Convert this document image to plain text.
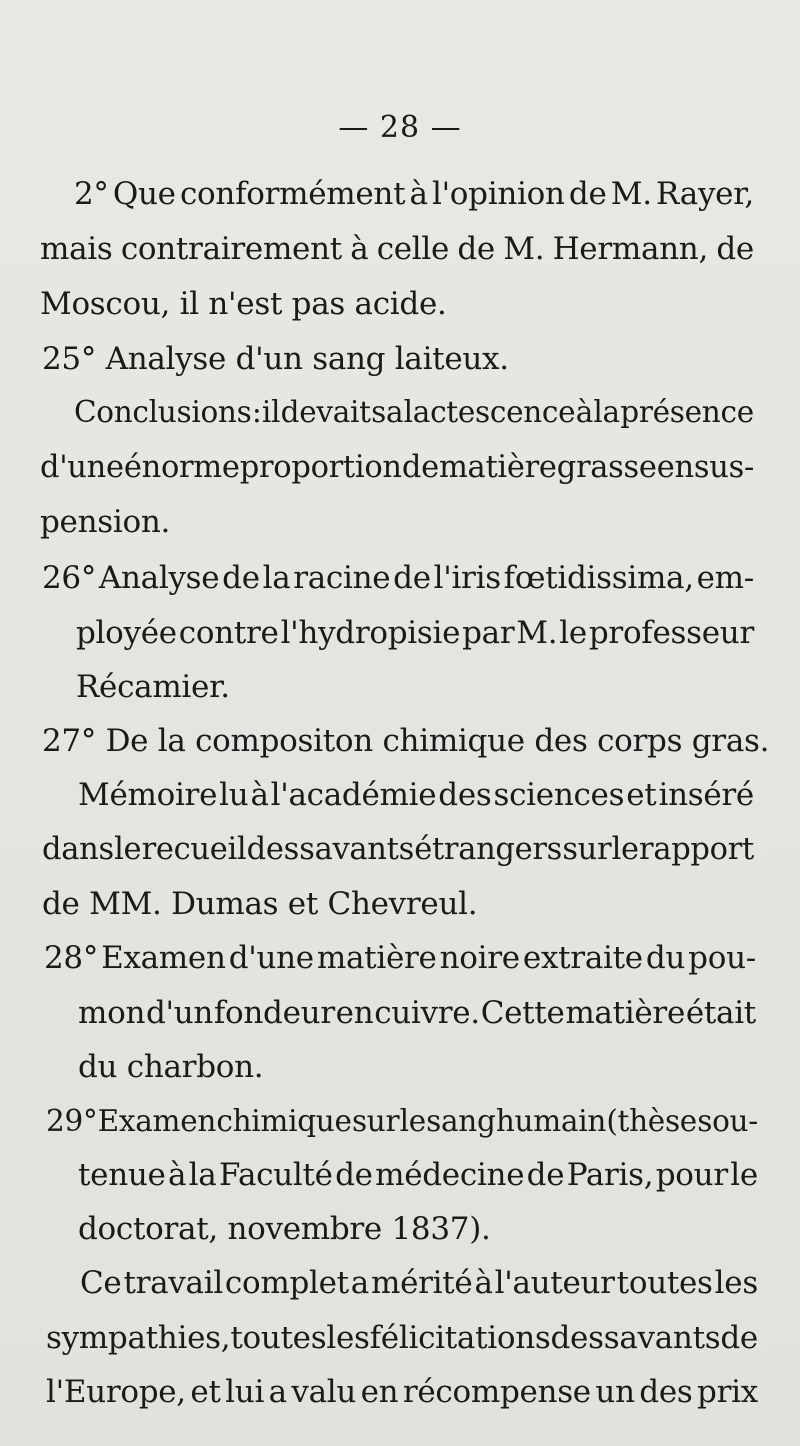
— 28 —
2° Que conformément à l'opinion de M. Rayer,
mais contrairement à celle de M. Hermann, de
Moscou, il n'est pas acide.
25° Analyse d'un sang laiteux.
Conclusions : il devait sa lactescence à la présence
d'une énorme proportion de matière grasse en sus-
pension.
26° Analyse de la racine de l'iris fœtidissima, em-
ployée contre l'hydropisie par M. le professeur
Récamier.
27° De la compositon chimique des corps gras.
Mémoire lu à l'académie des sciences et inséré
dans le recueil des savants étrangers sur le rapport
de MM. Dumas et Chevreul.
28° Examen d'une matière noire extraite du pou-
mon d'un fondeur en cuivre. Cette matière était
du charbon.
29° Examen chimique sur le sang humain (thèse sou-
tenue à la Faculté de médecine de Paris, pour le
doctorat, novembre 1837).
Ce travail complet a mérité à l'auteur toutes les
sympathies, toutes les félicitations des savants de
l'Europe, et lui a valu en récompense un des prix
